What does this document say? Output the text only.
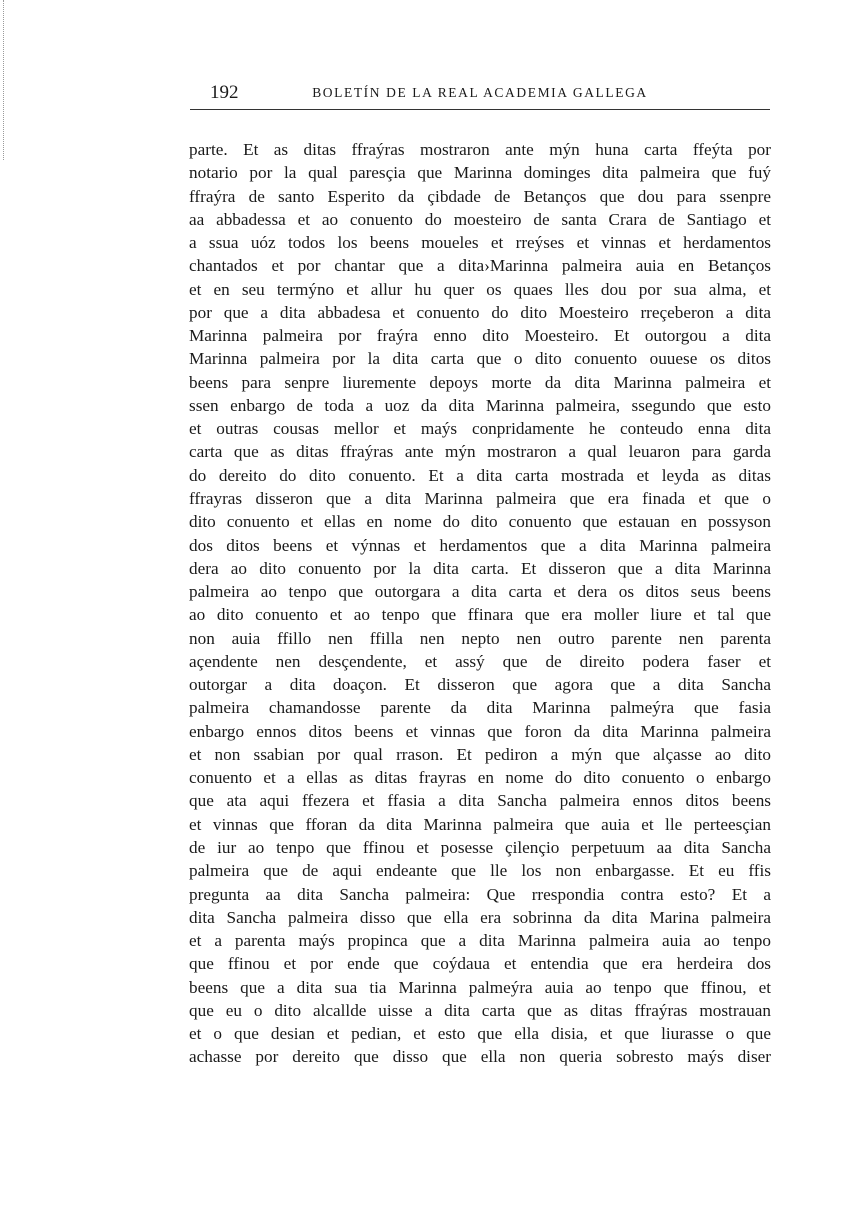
192	BOLETÍN DE LA REAL ACADEMIA GALLEGA
parte. Et as ditas ffraýras mostraron ante mýn huna carta ffeýta por
notario por la qual paresçia que Marinna dominges dita palmeira que fuý
ffraýra de santo Esperito da çibdade de Betanços que dou para ssenpre
aa abbadessa et ao conuento do moesteiro de santa Crara de Santiago et
a ssua uóz todos los beens moueles et rreýses et vinnas et herdamentos
chantados et por chantar que a dita›Marinna palmeira auia en Betanços
et en seu termýno et allur hu quer os quaes lles dou por sua alma, et
por que a dita abbadesa et conuento do dito Moesteiro rreçeberon a dita
Marinna palmeira por fraýra enno dito Moesteiro. Et outorgou a dita
Marinna palmeira por la dita carta que o dito conuento ouuese os ditos
beens para senpre liuremente depoys morte da dita Marinna palmeira et
ssen enbargo de toda a uoz da dita Marinna palmeira, ssegundo que esto
et outras cousas mellor et maýs conpridamente he conteudo enna dita
carta que as ditas ffraýras ante mýn mostraron a qual leuaron para garda
do dereito do dito conuento. Et a dita carta mostrada et leyda as ditas
ffrayras disseron que a dita Marinna palmeira que era finada et que o
dito conuento et ellas en nome do dito conuento que estauan en possyson
dos ditos beens et výnnas et herdamentos que a dita Marinna palmeira
dera ao dito conuento por la dita carta. Et disseron que a dita Marinna
palmeira ao tenpo que outorgara a dita carta et dera os ditos seus beens
ao dito conuento et ao tenpo que ffinara que era moller liure et tal que
non auia ffillo nen ffilla nen nepto nen outro parente nen parenta
açendente nen desçendente, et assý que de direito podera faser et
outorgar a dita doaçon. Et disseron que agora que a dita Sancha
palmeira chamandosse parente da dita Marinna palmeýra que fasia
enbargo ennos ditos beens et vinnas que foron da dita Marinna palmeira
et non ssabian por qual rrason. Et pediron a mýn que alçasse ao dito
conuento et a ellas as ditas frayras en nome do dito conuento o enbargo
que ata aqui ffezera et ffasia a dita Sancha palmeira ennos ditos beens
et vinnas que fforan da dita Marinna palmeira que auia et lle perteesçian
de iur ao tenpo que ffinou et posesse çilençio perpetuum aa dita Sancha
palmeira que de aqui endeante que lle los non enbargasse. Et eu ffis
pregunta aa dita Sancha palmeira: Que rrespondia contra esto? Et a
dita Sancha palmeira disso que ella era sobrinna da dita Marina palmeira
et a parenta maýs propinca que a dita Marinna palmeira auia ao tenpo
que ffinou et por ende que coýdaua et entendia que era herdeira dos
beens que a dita sua tia Marinna palmeýra auia ao tenpo que ffinou, et
que eu o dito alcallde uisse a dita carta que as ditas ffraýras mostrauan
et o que desian et pedian, et esto que ella disia, et que liurasse o que
achasse por dereito que disso que ella non queria sobresto maýs diser
